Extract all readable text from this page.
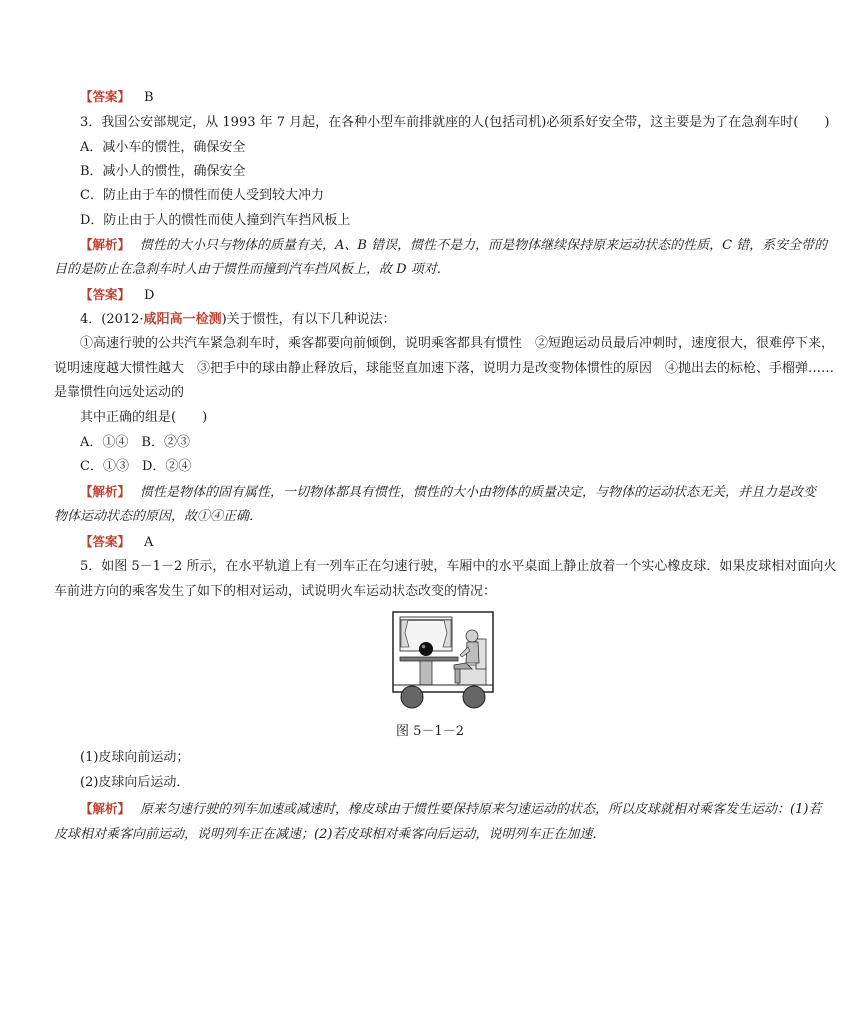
【答案】 B
3．我国公安部规定，从 1993 年 7 月起，在各种小型车前排就座的人(包括司机)必须系好安全带，这主要是为了在急刹车时(　　)
A．减小车的惯性，确保安全
B．减小人的惯性，确保安全
C．防止由于车的惯性而使人受到较大冲力
D．防止由于人的惯性而使人撞到汽车挡风板上
【解析】 惯性的大小只与物体的质量有关，A、B 错误，惯性不是力，而是物体继续保持原来运动状态的性质，C 错，系安全带的
目的是防止在急刹车时人由于惯性而撞到汽车挡风板上，故 D 项对．
【答案】 D
4．(2012·咸阳高一检测)关于惯性，有以下几种说法：
①高速行驶的公共汽车紧急刹车时，乘客都要向前倾倒，说明乘客都具有惯性　②短跑运动员最后冲刺时，速度很大，很难停下来，
说明速度越大惯性越大　③把手中的球由静止释放后，球能竖直加速下落，说明力是改变物体惯性的原因　④抛出去的标枪、手榴弹……
是靠惯性向远处运动的
其中正确的组是(　　)
A．①④　B．②③
C．①③　D．②④
【解析】 惯性是物体的固有属性，一切物体都具有惯性，惯性的大小由物体的质量决定，与物体的运动状态无关，并且力是改变
物体运动状态的原因，故①④正确．
【答案】 A
5．如图 5－1－2 所示，在水平轨道上有一列车正在匀速行驶，车厢中的水平桌面上静止放着一个实心橡皮球．如果皮球相对面向火
车前进方向的乘客发生了如下的相对运动，试说明火车运动状态改变的情况：
图 5－1－2
(1)皮球向前运动；
(2)皮球向后运动．
【解析】 原来匀速行驶的列车加速或减速时，橡皮球由于惯性要保持原来匀速运动的状态，所以皮球就相对乘客发生运动：(1)若
皮球相对乘客向前运动，说明列车正在减速；(2)若皮球相对乘客向后运动，说明列车正在加速．
